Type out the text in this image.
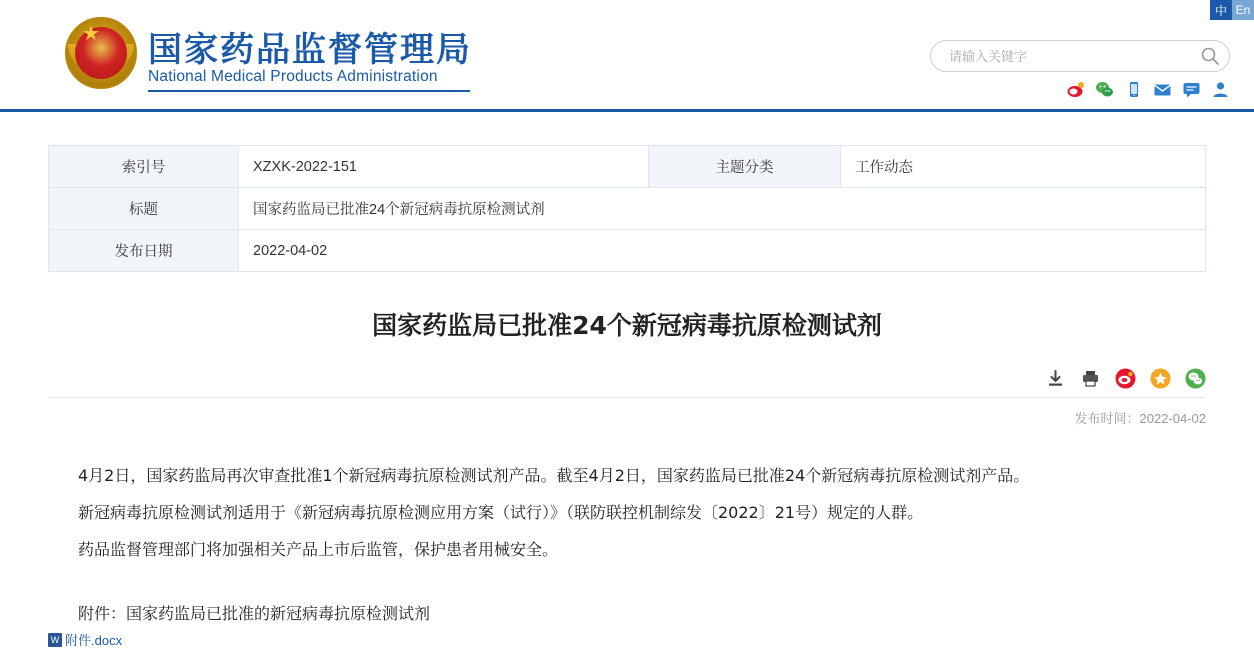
中 En
国家药品监督管理局
National Medical Products Administration
请输入关键字
索引号	XZXK-2022-151	主题分类	工作动态
标题	国家药监局已批准24个新冠病毒抗原检测试剂		
发布日期	2022-04-02		
国家药监局已批准24个新冠病毒抗原检测试剂
发布时间：2022-04-02

4月2日，国家药监局再次审查批准1个新冠病毒抗原检测试剂产品。截至4月2日，国家药监局已批准24个新冠病毒抗原检测试剂产品。

新冠病毒抗原检测试剂适用于《新冠病毒抗原检测应用方案（试行）》（联防联控机制综发〔2022〕21号）规定的人群。

药品监督管理部门将加强相关产品上市后监管，保护患者用械安全。

附件：国家药监局已批准的新冠病毒抗原检测试剂
W 附件.docx
